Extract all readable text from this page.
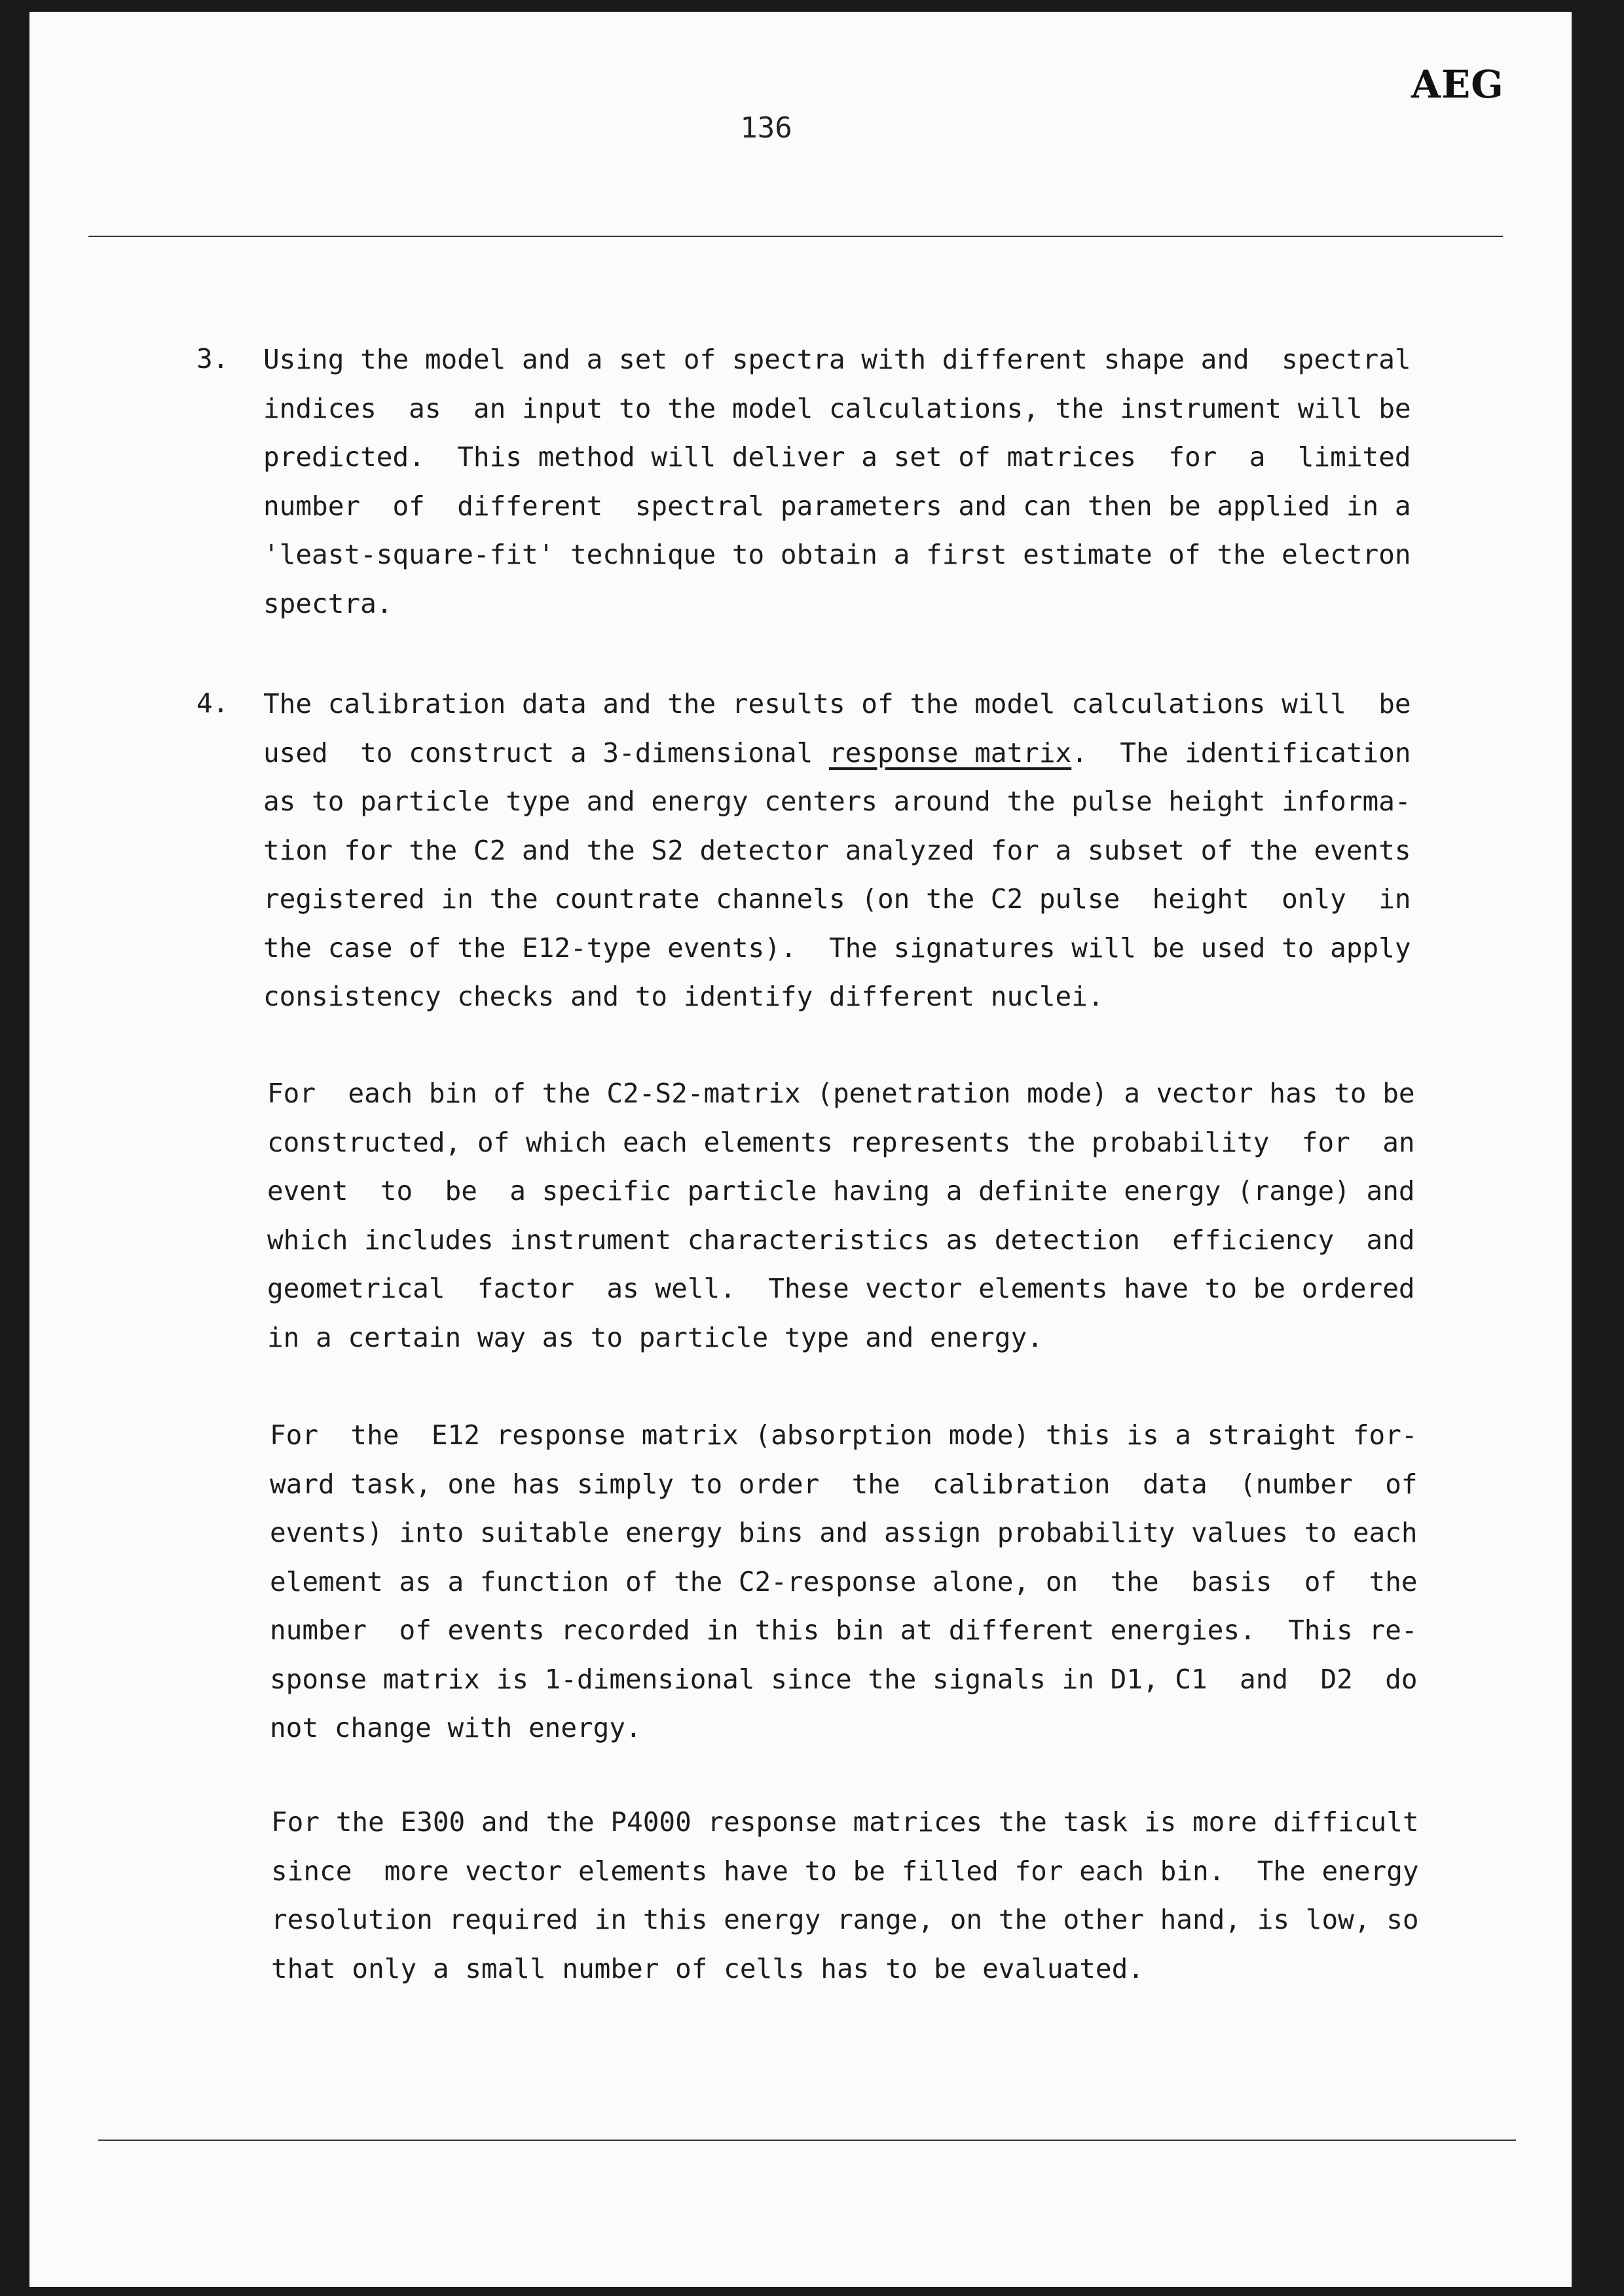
AEG
136
3. Using the model and a set of spectra with different shape and  spectral

indices  as  an input to the model calculations, the instrument will be

predicted.  This method will deliver a set of matrices  for  a  limited

number  of  different  spectral parameters and can then be applied in a

'least-square-fit' technique to obtain a first estimate of the electron

spectra.

4. The calibration data and the results of the model calculations will  be

used  to construct a 3-dimensional response matrix.  The identification

as to particle type and energy centers around the pulse height informa-

tion for the C2 and the S2 detector analyzed for a subset of the events

registered in the countrate channels (on the C2 pulse  height  only  in

the case of the E12-type events).  The signatures will be used to apply

consistency checks and to identify different nuclei.

For  each bin of the C2-S2-matrix (penetration mode) a vector has to be

constructed, of which each elements represents the probability  for  an

event  to  be  a specific particle having a definite energy (range) and

which includes instrument characteristics as detection  efficiency  and

geometrical  factor  as well.  These vector elements have to be ordered

in a certain way as to particle type and energy.

For  the  E12 response matrix (absorption mode) this is a straight for-

ward task, one has simply to order  the  calibration  data  (number  of

events) into suitable energy bins and assign probability values to each

element as a function of the C2-response alone, on  the  basis  of  the

number  of events recorded in this bin at different energies.  This re-

sponse matrix is 1-dimensional since the signals in D1, C1  and  D2  do

not change with energy.

For the E300 and the P4000 response matrices the task is more difficult

since  more vector elements have to be filled for each bin.  The energy

resolution required in this energy range, on the other hand, is low, so

that only a small number of cells has to be evaluated.
